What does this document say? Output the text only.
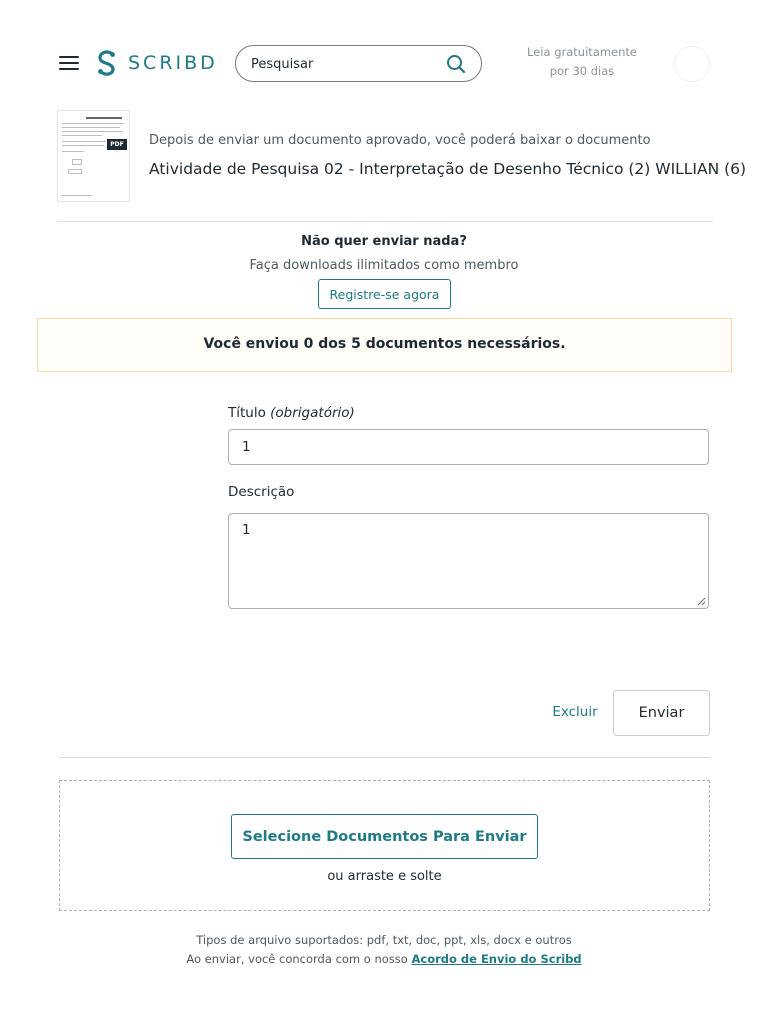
SCRIBD
Pesquisar	Leia gratuitamente
por 30 dias
PDF Depois de enviar um documento aprovado, você poderá baixar o documento
Atividade de Pesquisa 02 - Interpretação de Desenho Técnico (2) WILLIAN (6)
Não quer enviar nada?
Faça downloads ilimitados como membro
Registre-se agora
Você enviou 0 dos 5 documentos necessários.
Título (obrigatório)
1
Descrição
1
Excluir	Enviar
Selecione Documentos Para Enviar
ou arraste e solte
Tipos de arquivo suportados: pdf, txt, doc, ppt, xls, docx e outros
Ao enviar, você concorda com o nosso Acordo de Envio do Scribd
